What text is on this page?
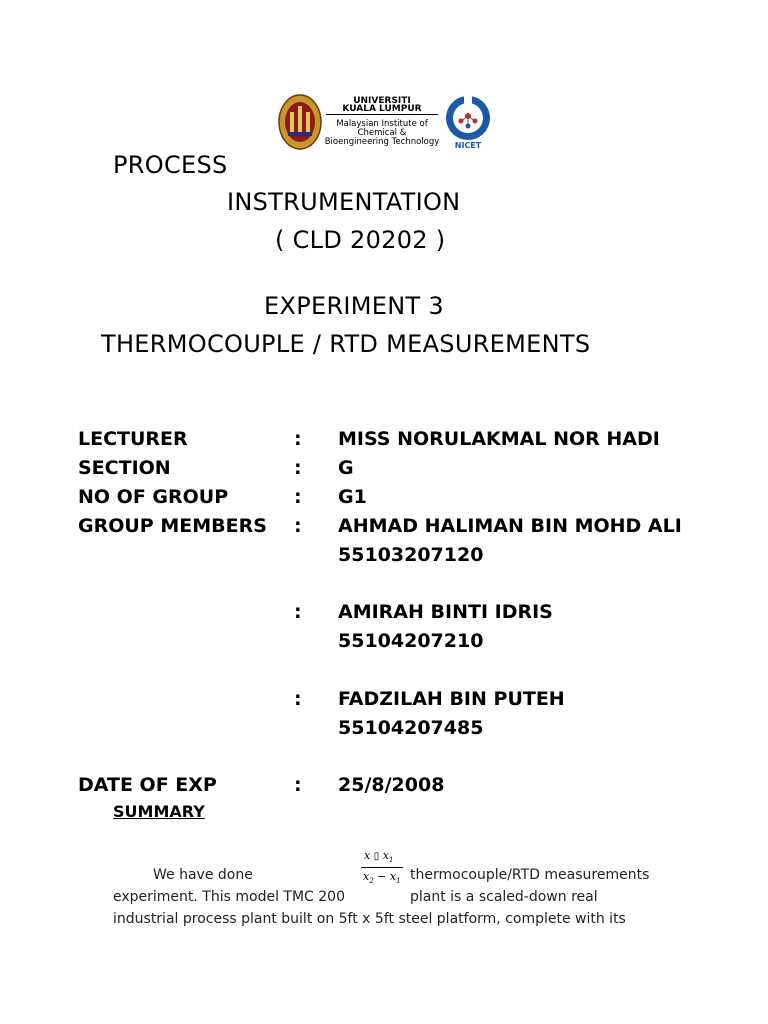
UNIVERSITI
KUALA LUMPUR
Malaysian Institute of
Chemical &
Bioengineering Technology	NICET
PROCESS
INSTRUMENTATION
( CLD 20202 )
EXPERIMENT 3
THERMOCOUPLE / RTD MEASUREMENTS
LECTURER	: MISS NORULAKMAL NOR HADI
SECTION	: G
NO OF GROUP	: G1
GROUP MEMBERS : AHMAD HALIMAN BIN MOHD ALI
55103207120
: AMIRAH BINTI IDRIS
55104207210
: FADZILAH BIN PUTEH
55104207485
DATE OF EXP	: 25/8/2008
SUMMARY
x ▯ $x_1$
$x_2 - x_1$
We have done	thermocouple/RTD measurements
experiment. This model TMC 200	plant is a scaled-down real
industrial process plant built on 5ft x 5ft steel platform, complete with its
